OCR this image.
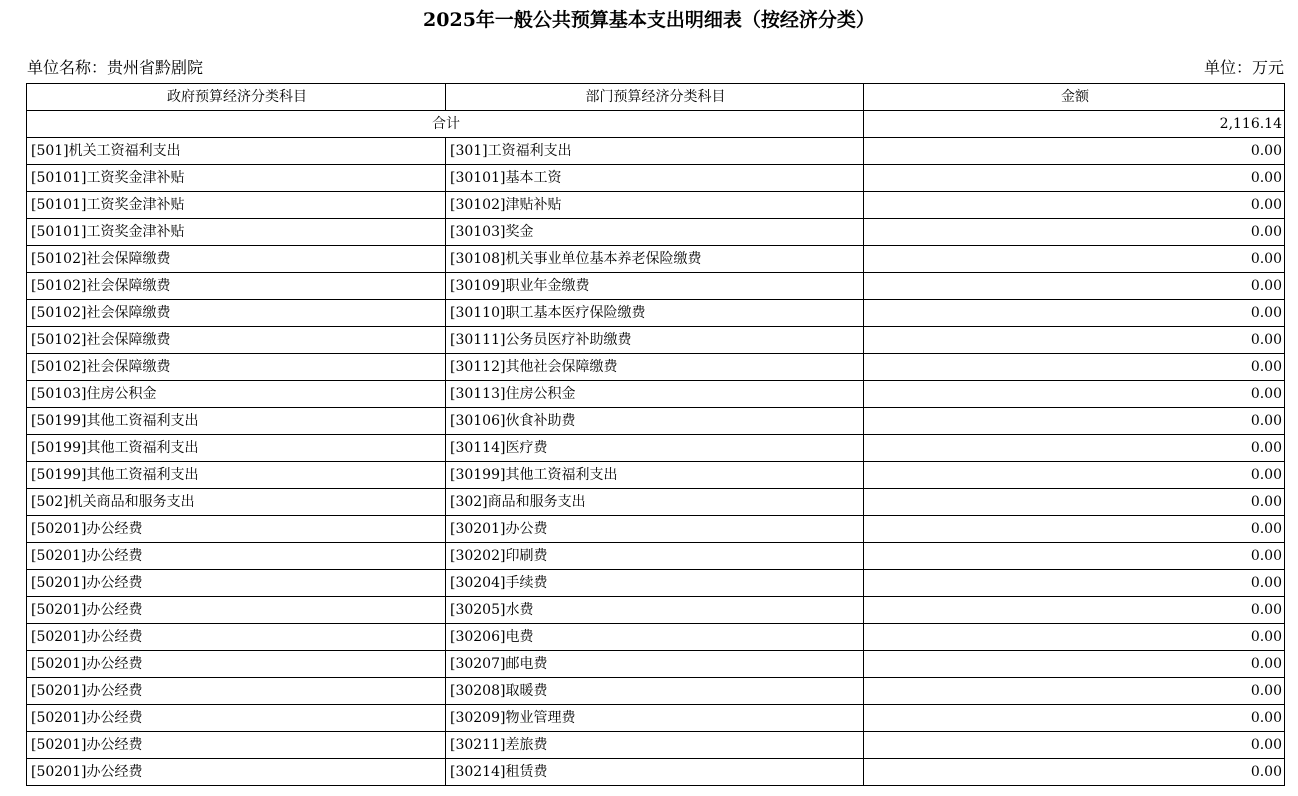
2025年一般公共预算基本支出明细表（按经济分类）
单位名称：贵州省黔剧院	单位：万元
政府预算经济分类科目	部门预算经济分类科目	金额
合计		2,116.14
[501]机关工资福利支出	[301]工资福利支出	0.00
[50101]工资奖金津补贴	[30101]基本工资	0.00
[50101]工资奖金津补贴	[30102]津贴补贴	0.00
[50101]工资奖金津补贴	[30103]奖金	0.00
[50102]社会保障缴费	[30108]机关事业单位基本养老保险缴费	0.00
[50102]社会保障缴费	[30109]职业年金缴费	0.00
[50102]社会保障缴费	[30110]职工基本医疗保险缴费	0.00
[50102]社会保障缴费	[30111]公务员医疗补助缴费	0.00
[50102]社会保障缴费	[30112]其他社会保障缴费	0.00
[50103]住房公积金	[30113]住房公积金	0.00
[50199]其他工资福利支出	[30106]伙食补助费	0.00
[50199]其他工资福利支出	[30114]医疗费	0.00
[50199]其他工资福利支出	[30199]其他工资福利支出	0.00
[502]机关商品和服务支出	[302]商品和服务支出	0.00
[50201]办公经费	[30201]办公费	0.00
[50201]办公经费	[30202]印刷费	0.00
[50201]办公经费	[30204]手续费	0.00
[50201]办公经费	[30205]水费	0.00
[50201]办公经费	[30206]电费	0.00
[50201]办公经费	[30207]邮电费	0.00
[50201]办公经费	[30208]取暖费	0.00
[50201]办公经费	[30209]物业管理费	0.00
[50201]办公经费	[30211]差旅费	0.00
[50201]办公经费	[30214]租赁费	0.00
